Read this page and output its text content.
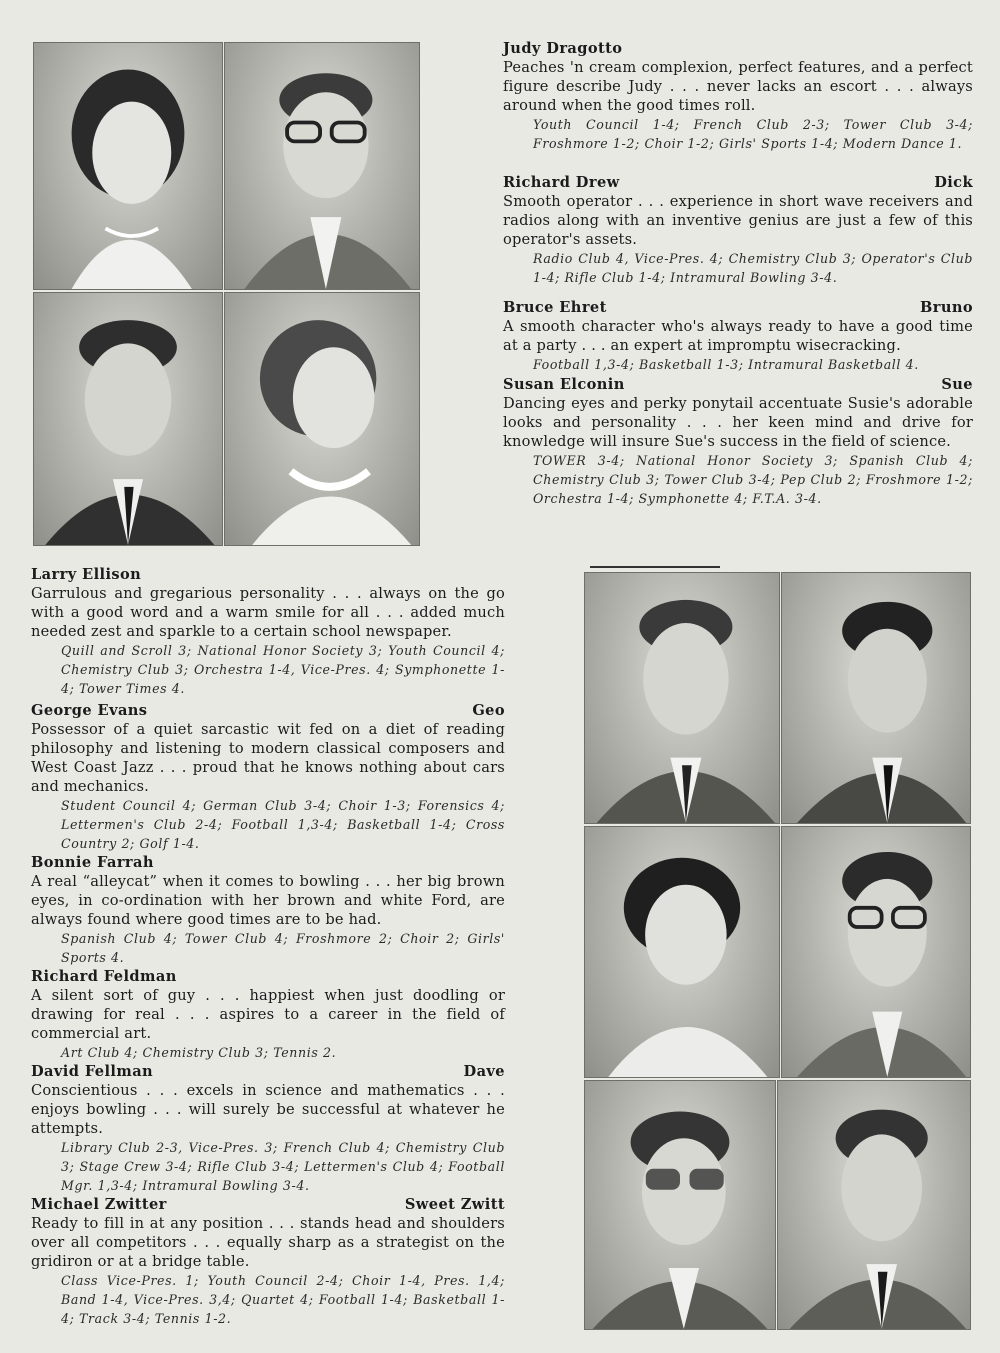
Judy Dragotto
Peaches 'n cream complexion, perfect features, and a perfect figure describe Judy . . . never lacks an escort . . . always around when the good times roll.
Youth Council 1-4; French Club 2-3; Tower Club 3-4; Froshmore 1-2; Choir 1-2; Girls' Sports 1-4; Modern Dance 1.
Richard Drew	Dick
Smooth operator . . . experience in short wave receivers and radios along with an inventive genius are just a few of this operator's assets.
Radio Club 4, Vice-Pres. 4; Chemistry Club 3; Operator's Club 1-4; Rifle Club 1-4; Intramural Bowling 3-4.
Bruce Ehret	Bruno
A smooth character who's always ready to have a good time at a party . . . an expert at impromptu wisecracking.
Football 1,3-4; Basketball 1-3; Intramural Basketball 4.
Susan Elconin	Sue
Dancing eyes and perky ponytail accentuate Susie's adorable looks and personality . . . her keen mind and drive for knowledge will insure Sue's success in the field of science.
TOWER 3-4; National Honor Society 3; Spanish Club 4; Chemistry Club 3; Tower Club 3-4; Pep Club 2; Froshmore 1-2; Orchestra 1-4; Symphonette 4; F.T.A. 3-4.
Larry Ellison
Garrulous and gregarious personality . . . always on the go with a good word and a warm smile for all . . . added much needed zest and sparkle to a certain school newspaper.
Quill and Scroll 3; National Honor Society 3; Youth Council 4; Chemistry Club 3; Orchestra 1-4, Vice-Pres. 4; Symphonette 1-4; Tower Times 4.
George Evans	Geo
Possessor of a quiet sarcastic wit fed on a diet of reading philosophy and listening to modern classical composers and West Coast Jazz . . . proud that he knows nothing about cars and mechanics.
Student Council 4; German Club 3-4; Choir 1-3; Forensics 4; Lettermen's Club 2-4; Football 1,3-4; Basketball 1-4; Cross Country 2; Golf 1-4.
Bonnie Farrah
A real “alleycat” when it comes to bowling . . . her big brown eyes, in co-ordination with her brown and white Ford, are always found where good times are to be had.
Spanish Club 4; Tower Club 4; Froshmore 2; Choir 2; Girls' Sports 4.
Richard Feldman
A silent sort of guy . . . happiest when just doodling or drawing for real . . . aspires to a career in the field of commercial art.
Art Club 4; Chemistry Club 3; Tennis 2.
David Fellman	Dave
Conscientious . . . excels in science and mathematics . . . enjoys bowling . . . will surely be successful at whatever he attempts.
Library Club 2-3, Vice-Pres. 3; French Club 4; Chemistry Club 3; Stage Crew 3-4; Rifle Club 3-4; Lettermen's Club 4; Football Mgr. 1,3-4; Intramural Bowling 3-4.
Michael Zwitter	Sweet Zwitt
Ready to fill in at any position . . . stands head and shoulders over all competitors . . . equally sharp as a strategist on the gridiron or at a bridge table.
Class Vice-Pres. 1; Youth Council 2-4; Choir 1-4, Pres. 1,4; Band 1-4, Vice-Pres. 3,4; Quartet 4; Football 1-4; Basketball 1-4; Track 3-4; Tennis 1-2.
